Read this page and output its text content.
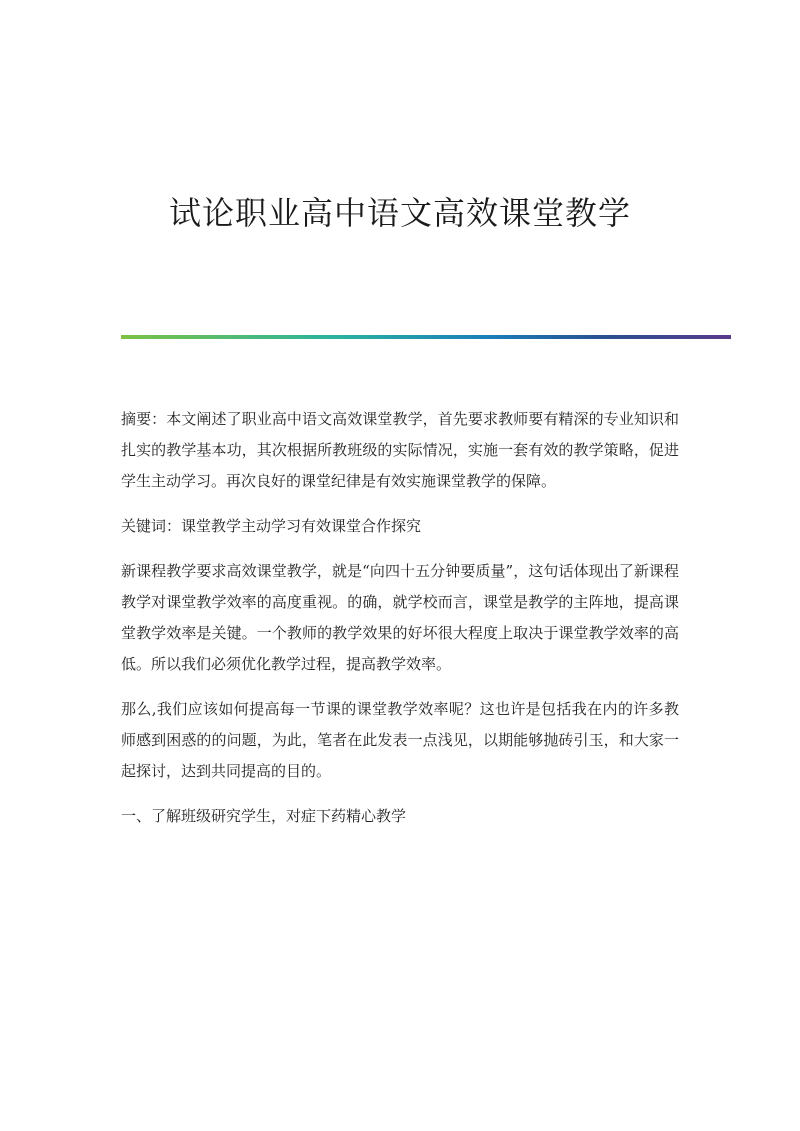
试论职业高中语文高效课堂教学

摘要：本文阐述了职业高中语文高效课堂教学，首先要求教师要有精深的专业知识和扎实的教学基本功，其次根据所教班级的实际情况，实施一套有效的教学策略，促进学生主动学习。再次良好的课堂纪律是有效实施课堂教学的保障。

关键词：课堂教学主动学习有效课堂合作探究

新课程教学要求高效课堂教学，就是“向四十五分钟要质量”，这句话体现出了新课程教学对课堂教学效率的高度重视。的确，就学校而言，课堂是教学的主阵地，提高课堂教学效率是关键。一个教师的教学效果的好坏很大程度上取决于课堂教学效率的高低。所以我们必须优化教学过程，提高教学效率。

那么,我们应该如何提高每一节课的课堂教学效率呢？这也许是包括我在内的许多教师感到困惑的的问题，为此，笔者在此发表一点浅见，以期能够抛砖引玉，和大家一起探讨，达到共同提高的目的。

一、了解班级研究学生，对症下药精心教学
